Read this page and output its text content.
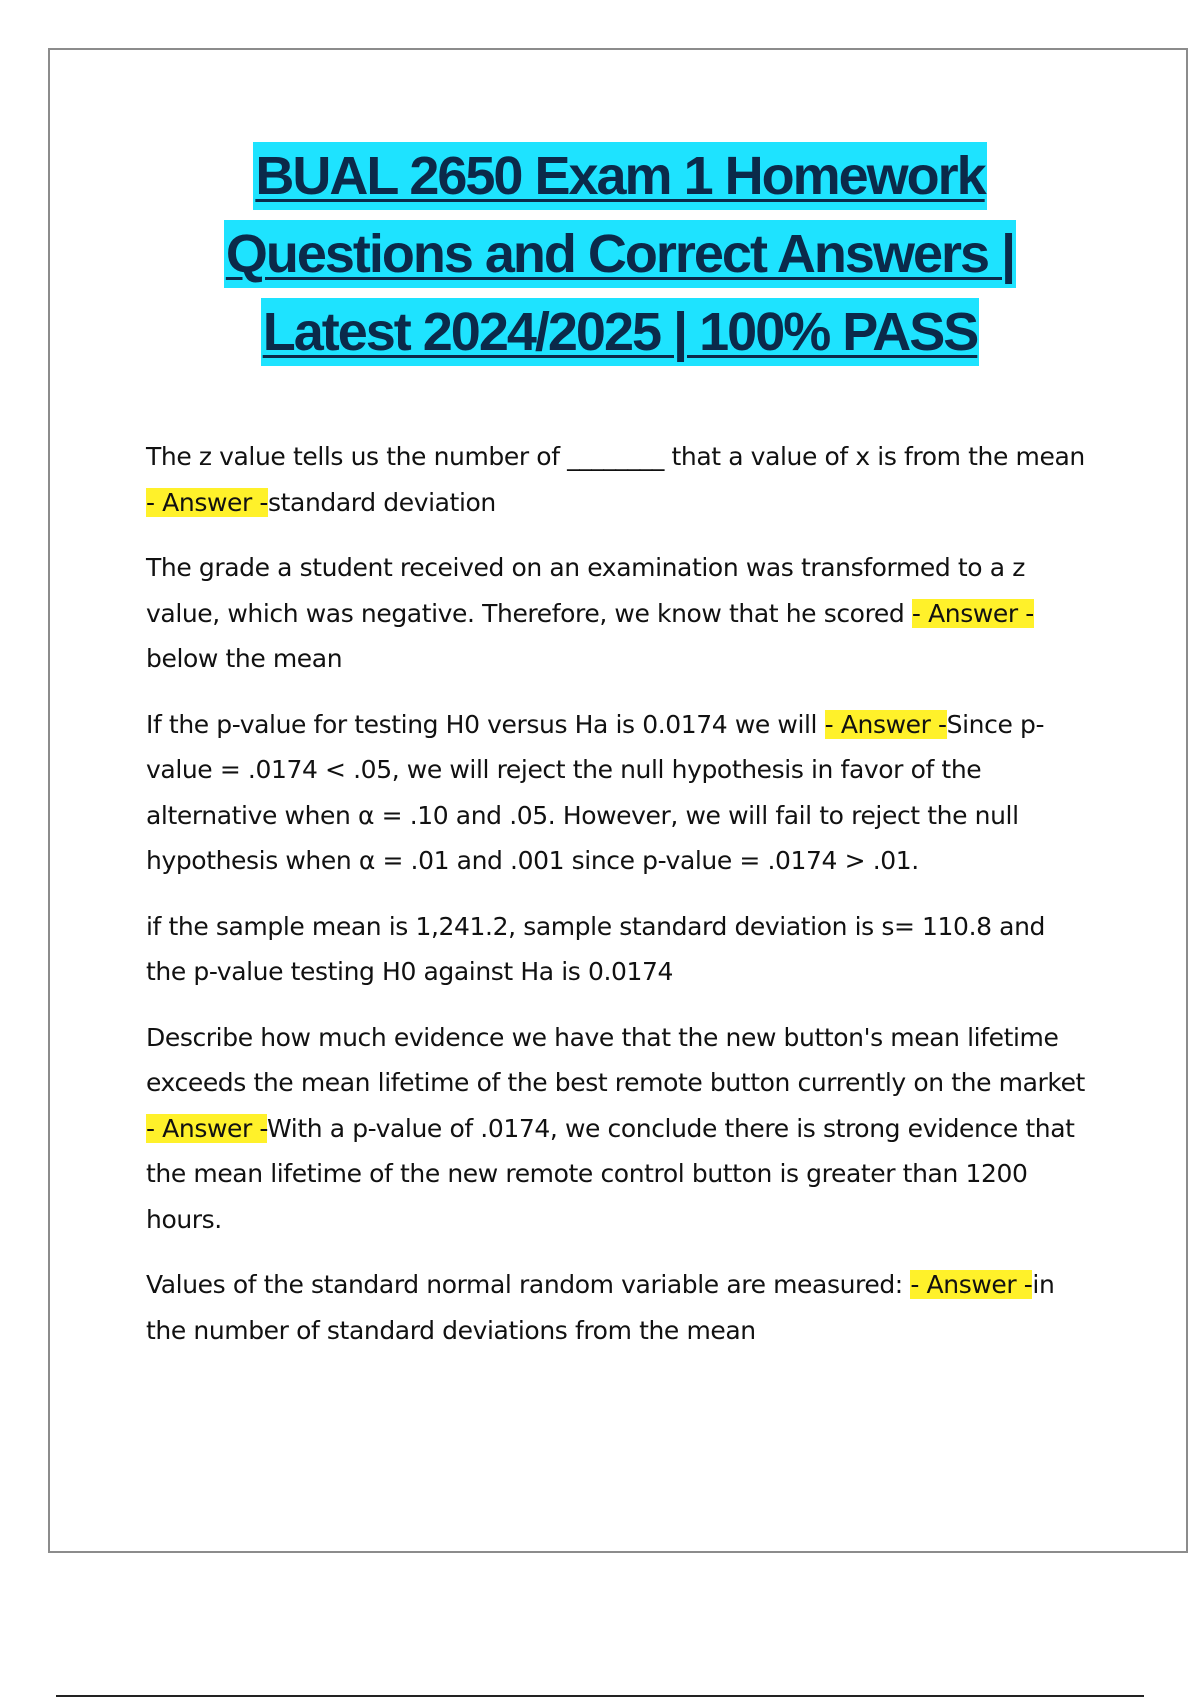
BUAL 2650 Exam 1 Homework
Questions and Correct Answers |
Latest 2024/2025 | 100% PASS

The z value tells us the number of ________ that a value of x is from the mean - Answer -standard deviation

The grade a student received on an examination was transformed to a z value, which was negative. Therefore, we know that he scored - Answer -below the mean

If the p-value for testing H0 versus Ha is 0.0174 we will - Answer -Since p-value = .0174 < .05, we will reject the null hypothesis in favor of the alternative when α = .10 and .05. However, we will fail to reject the null hypothesis when α = .01 and .001 since p-value = .0174 > .01.

if the sample mean is 1,241.2, sample standard deviation is s= 110.8 and the p-value testing H0 against Ha is 0.0174

Describe how much evidence we have that the new button's mean lifetime exceeds the mean lifetime of the best remote button currently on the market - Answer -With a p-value of .0174, we conclude there is strong evidence that the mean lifetime of the new remote control button is greater than 1200 hours.

Values of the standard normal random variable are measured: - Answer -in the number of standard deviations from the mean
